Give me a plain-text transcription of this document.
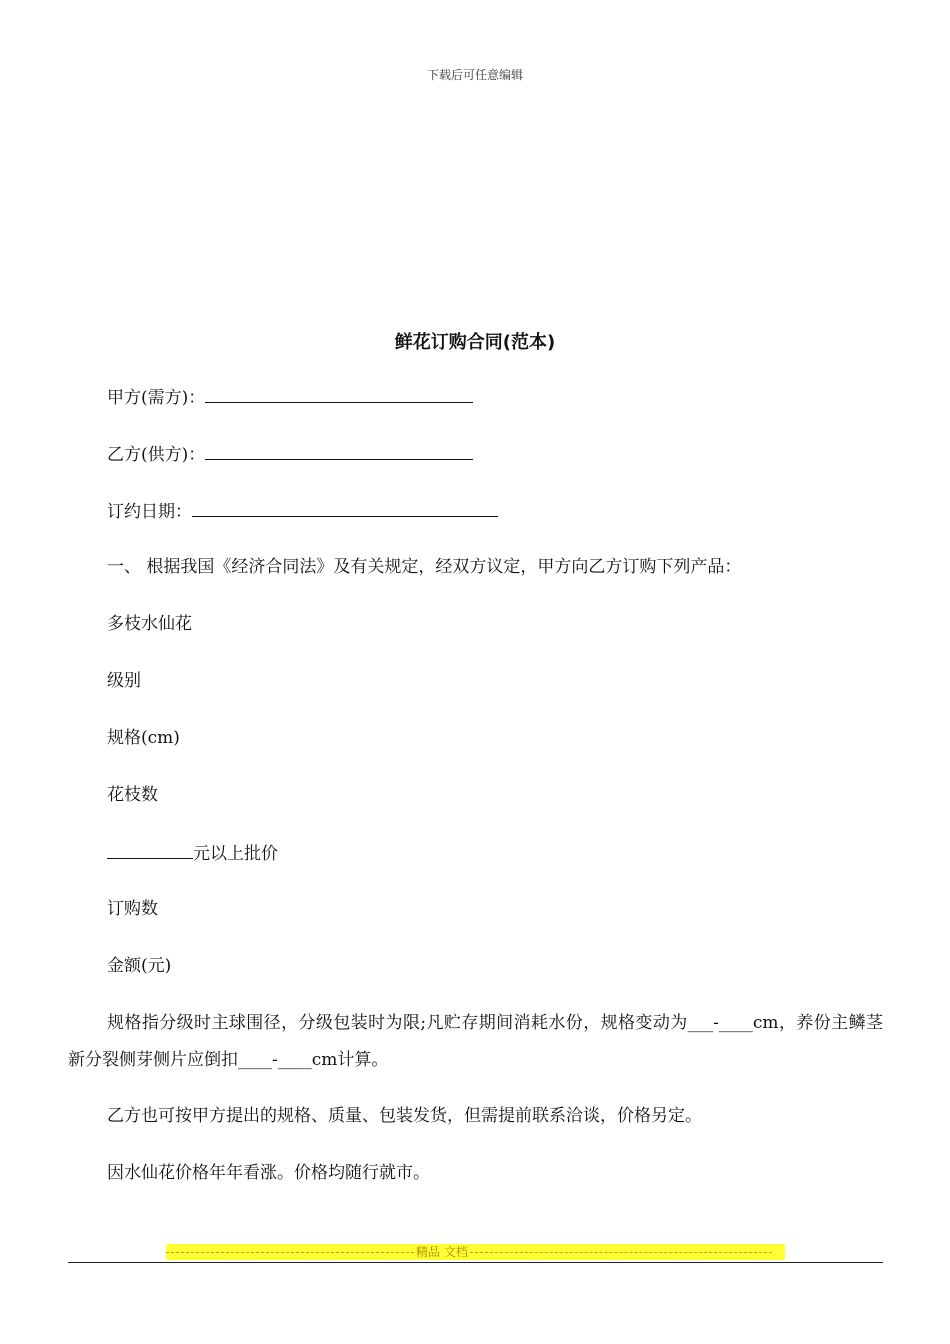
下载后可任意编辑
鲜花订购合同(范本)
甲方(需方)：
乙方(供方)：
订约日期：
一、 根据我国《经济合同法》及有关规定，经双方议定，甲方向乙方订购下列产品：
多枝水仙花
级别
规格(cm)
花枝数
元以上批价
订购数
金额(元)
规格指分级时主球围径，分级包装时为限;凡贮存期间消耗水份，规格变动为___-____cm，养份主鳞茎新分裂侧芽侧片应倒扣____-____cm计算。
乙方也可按甲方提出的规格、质量、包装发货，但需提前联系洽谈，价格另定。
因水仙花价格年年看涨。价格均随行就市。
精品 文档
